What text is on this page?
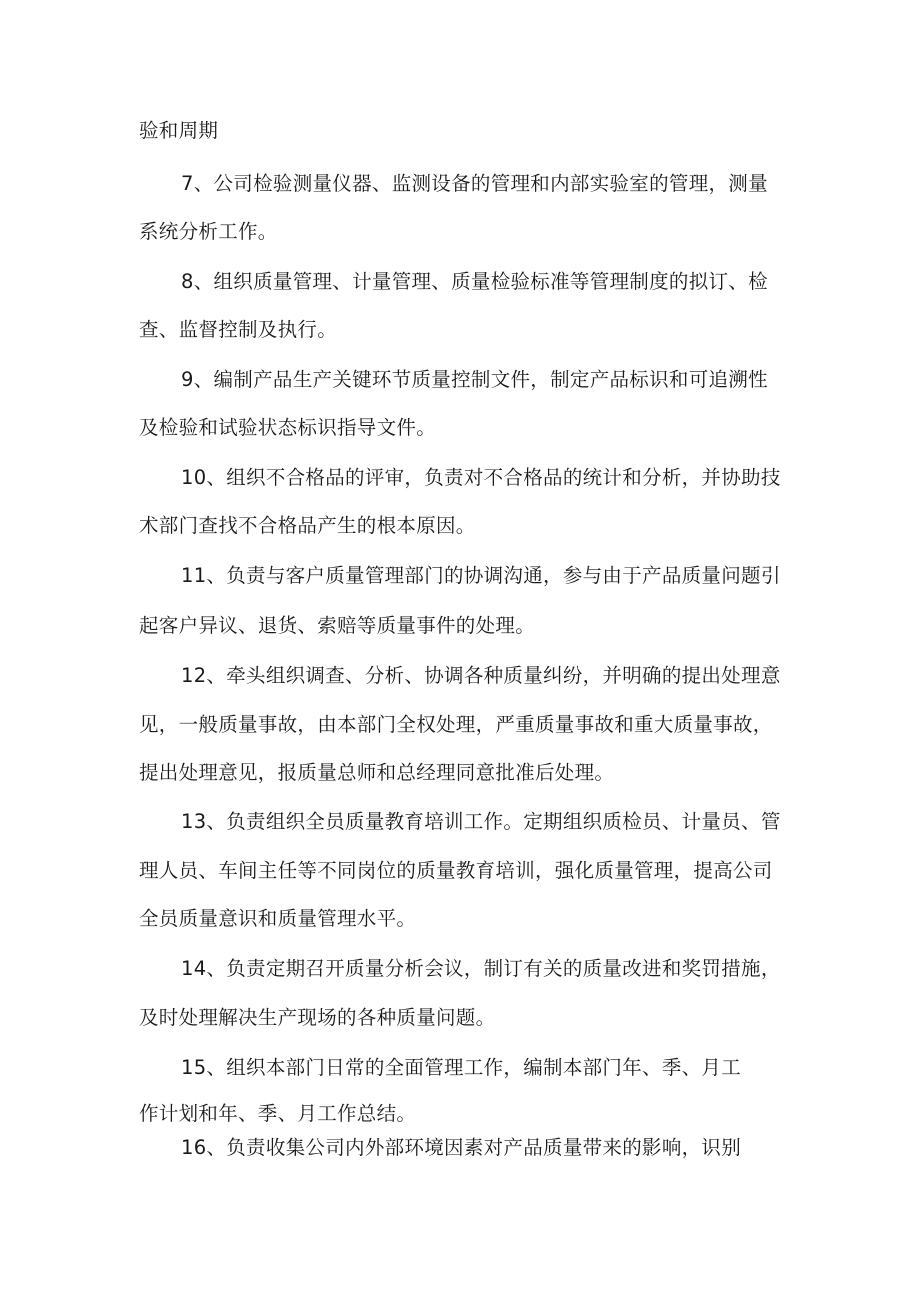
验和周期
7、公司检验测量仪器、监测设备的管理和内部实验室的管理，测量
系统分析工作。
8、组织质量管理、计量管理、质量检验标准等管理制度的拟订、检
查、监督控制及执行。
9、编制产品生产关键环节质量控制文件，制定产品标识和可追溯性
及检验和试验状态标识指导文件。
10、组织不合格品的评审，负责对不合格品的统计和分析，并协助技
术部门查找不合格品产生的根本原因。
11、负责与客户质量管理部门的协调沟通，参与由于产品质量问题引
起客户异议、退货、索赔等质量事件的处理。
12、牵头组织调查、分析、协调各种质量纠纷，并明确的提出处理意
见，一般质量事故，由本部门全权处理，严重质量事故和重大质量事故，
提出处理意见，报质量总师和总经理同意批准后处理。
13、负责组织全员质量教育培训工作。定期组织质检员、计量员、管
理人员、车间主任等不同岗位的质量教育培训，强化质量管理，提高公司
全员质量意识和质量管理水平。
14、负责定期召开质量分析会议，制订有关的质量改进和奖罚措施，
及时处理解决生产现场的各种质量问题。
15、组织本部门日常的全面管理工作，编制本部门年、季、月工
作计划和年、季、月工作总结。
16、负责收集公司内外部环境因素对产品质量带来的影响，识别
